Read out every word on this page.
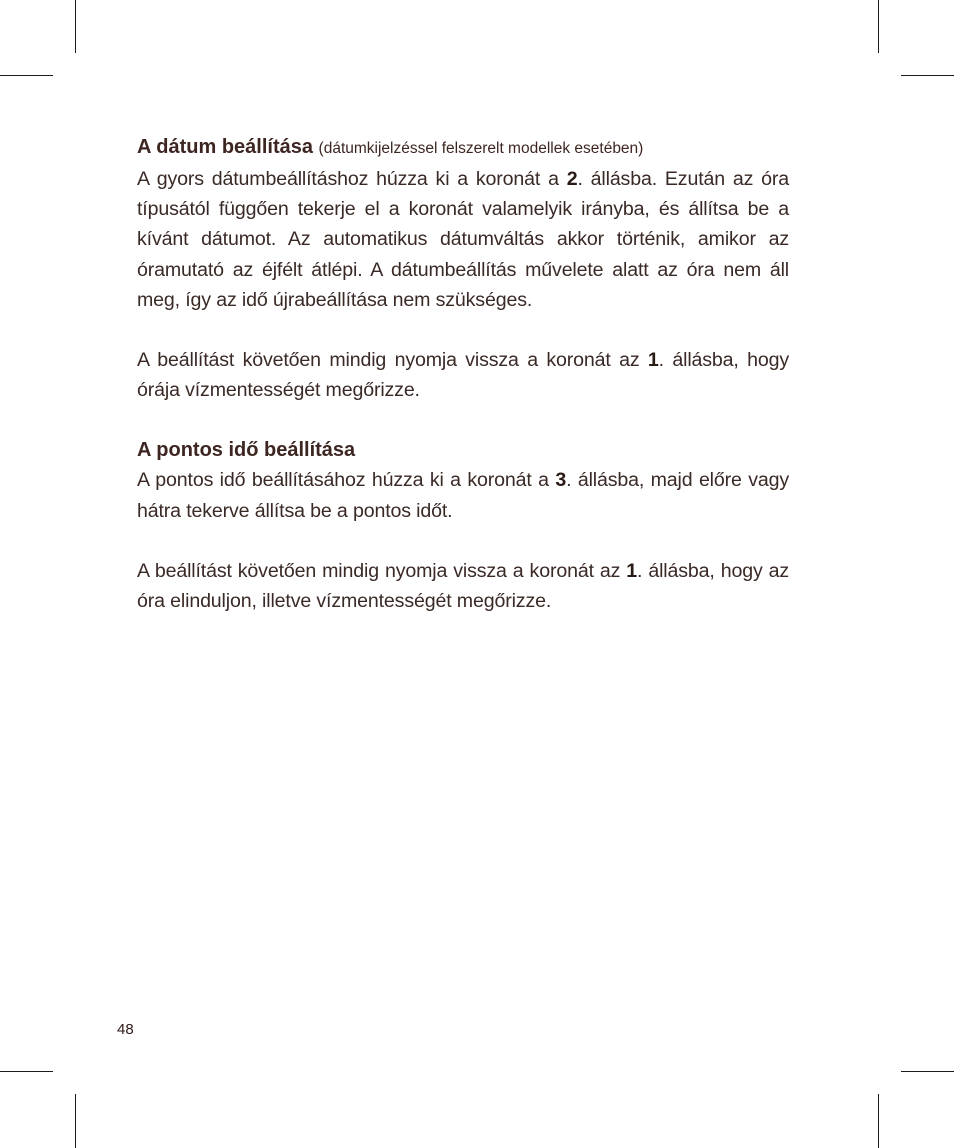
A dátum beállítása (dátumkijelzéssel felszerelt modellek esetében)

A gyors dátumbeállításhoz húzza ki a koronát a 2. állásba. Ezután az óra típusától függően tekerje el a koronát valamelyik irányba, és állítsa be a kívánt dátumot. Az automatikus dátumváltás akkor történik, amikor az óramutató az éjfélt átlépi. A dátumbeállítás művelete alatt az óra nem áll meg, így az idő újrabeállítása nem szükséges.

A beállítást követően mindig nyomja vissza a koronát az 1. állásba, hogy órája vízmentességét megőrizze.

A pontos idő beállítása

A pontos idő beállításához húzza ki a koronát a 3. állásba, majd előre vagy hátra tekerve állítsa be a pontos időt.

A beállítást követően mindig nyomja vissza a koronát az 1. állásba, hogy az óra elinduljon, illetve vízmentességét megőrizze.

48
